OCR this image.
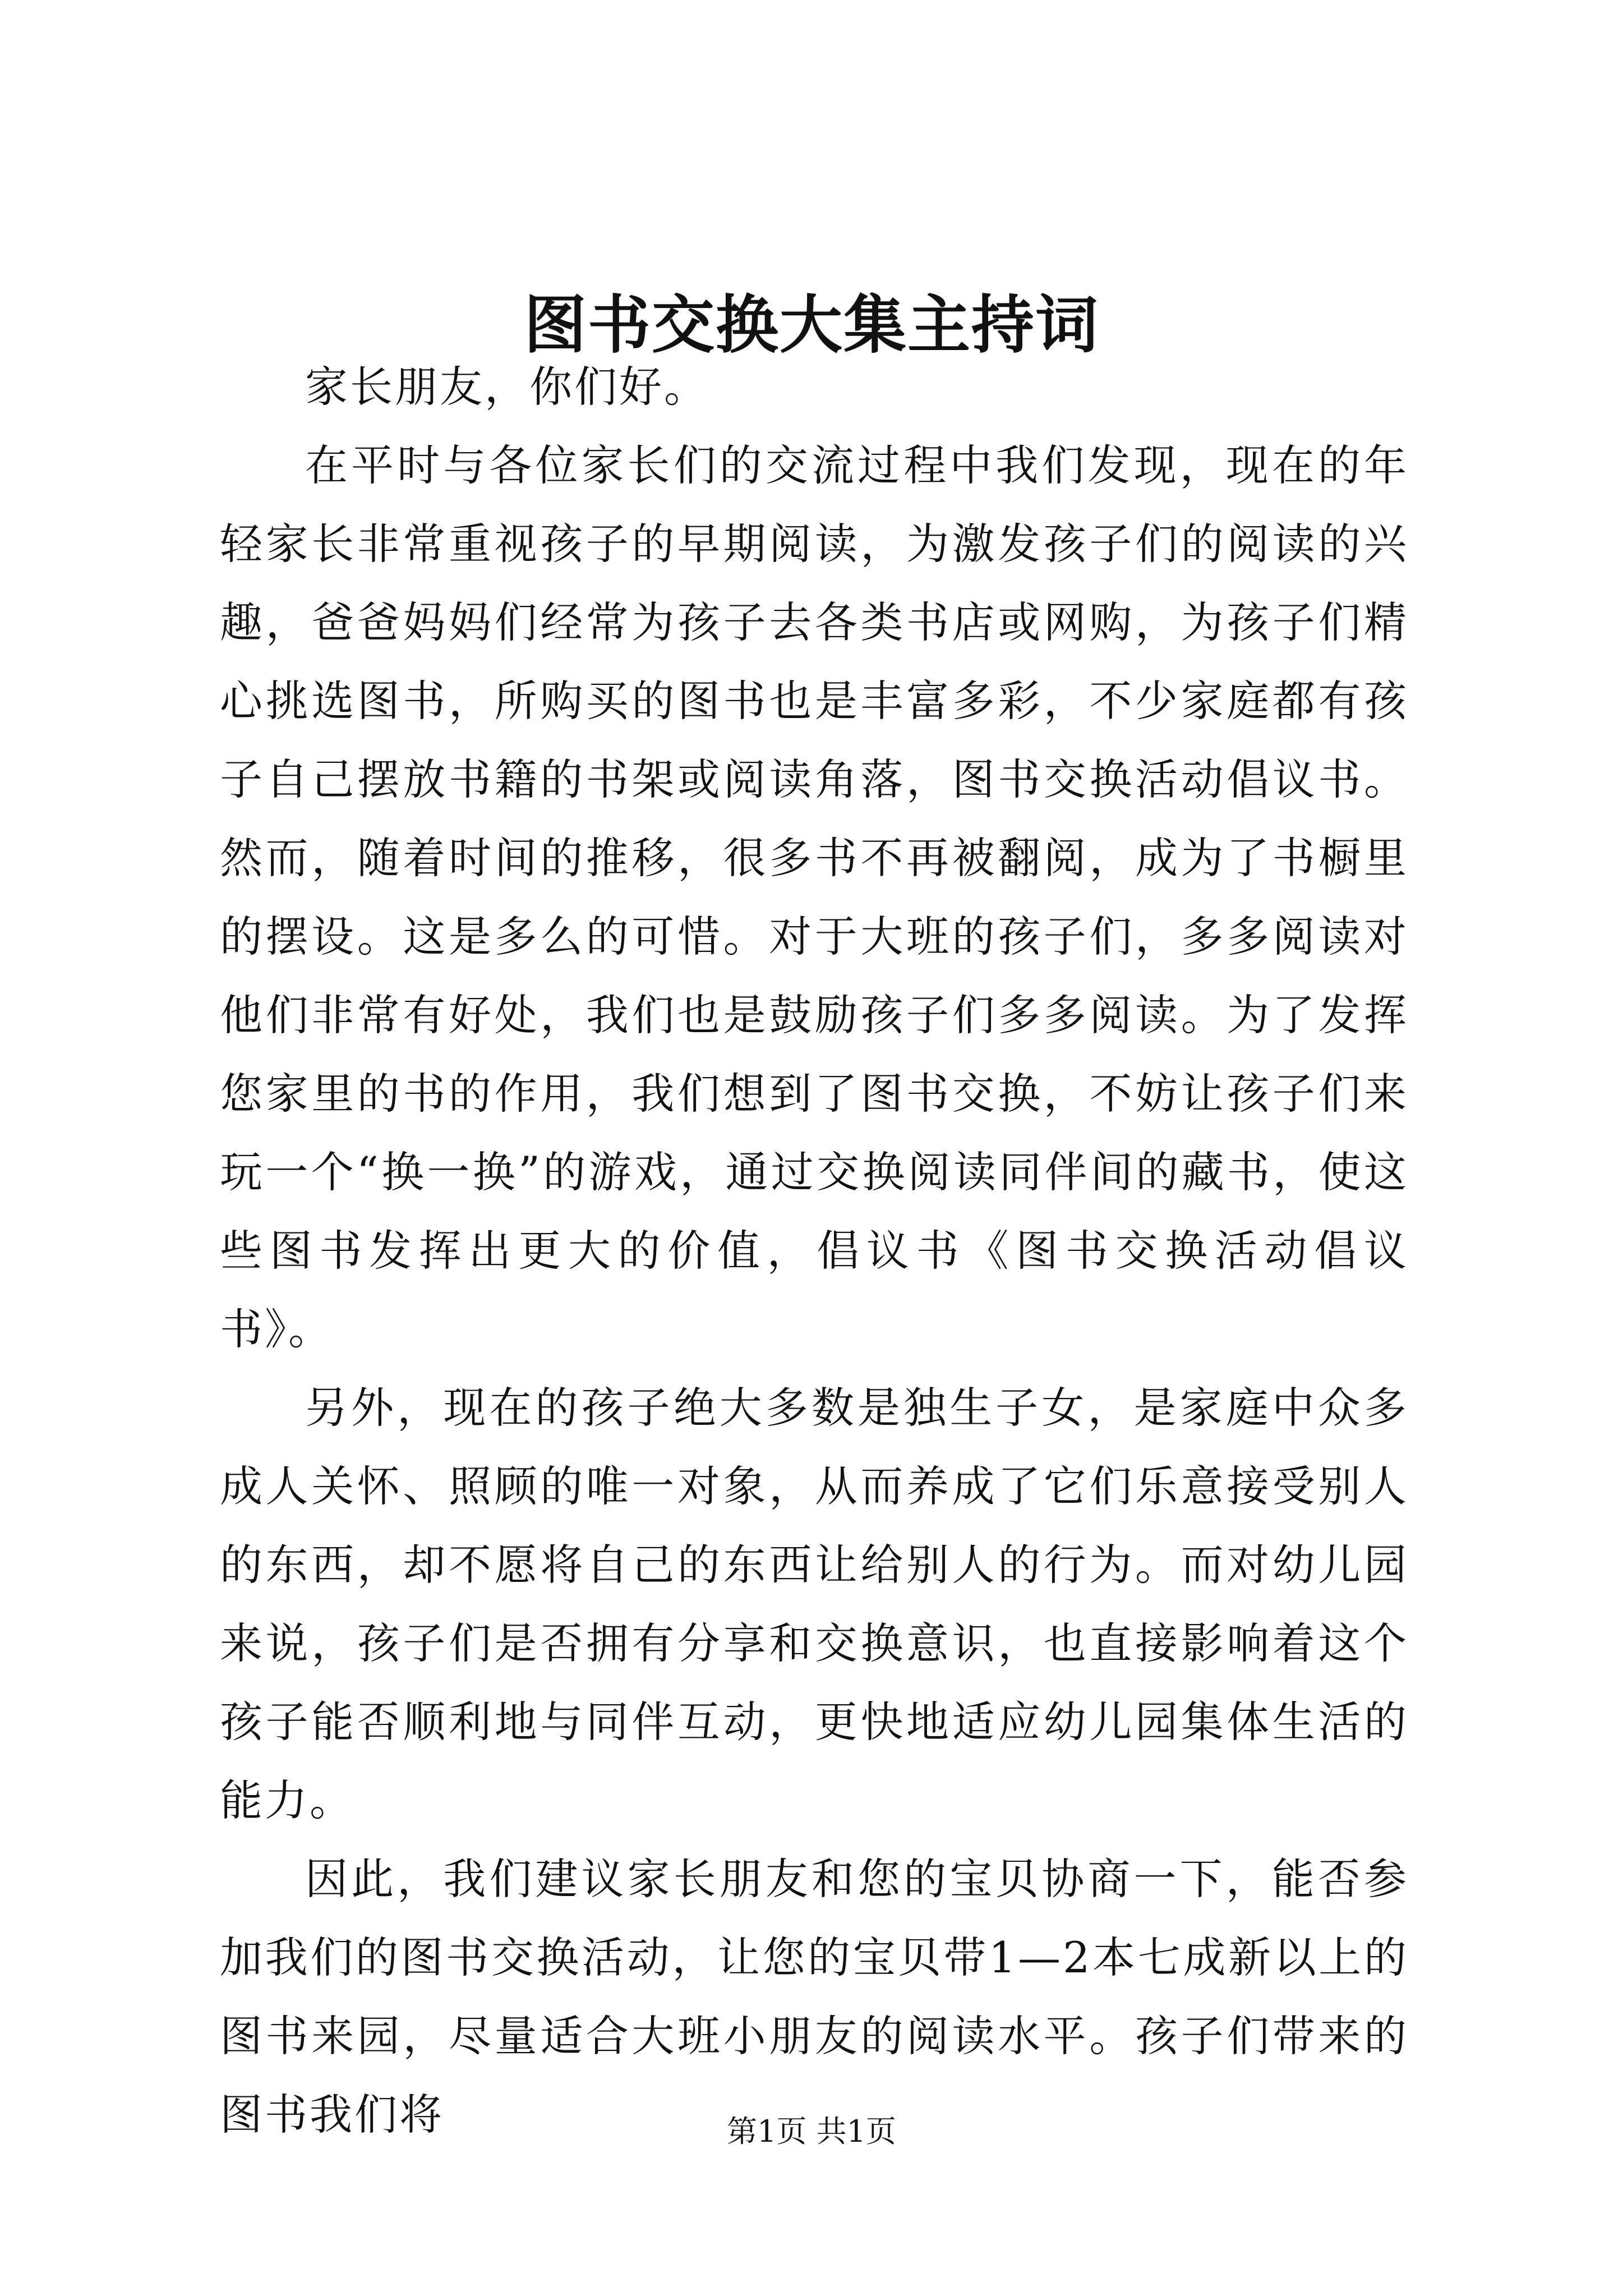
图书交换大集主持词

家长朋友，你们好。

在平时与各位家长们的交流过程中我们发现，现在的年轻家长非常重视孩子的早期阅读，为激发孩子们的阅读的兴趣，爸爸妈妈们经常为孩子去各类书店或网购，为孩子们精心挑选图书，所购买的图书也是丰富多彩，不少家庭都有孩子自己摆放书籍的书架或阅读角落，图书交换活动倡议书。然而，随着时间的推移，很多书不再被翻阅，成为了书橱里的摆设。这是多么的可惜。对于大班的孩子们，多多阅读对他们非常有好处，我们也是鼓励孩子们多多阅读。为了发挥您家里的书的作用，我们想到了图书交换，不妨让孩子们来玩一个“换一换”的游戏，通过交换阅读同伴间的藏书，使这些图书发挥出更大的价值，倡议书《图书交换活动倡议书》。

另外，现在的孩子绝大多数是独生子女，是家庭中众多成人关怀、照顾的唯一对象，从而养成了它们乐意接受别人的东西，却不愿将自己的东西让给别人的行为。而对幼儿园来说，孩子们是否拥有分享和交换意识，也直接影响着这个孩子能否顺利地与同伴互动，更快地适应幼儿园集体生活的能力。

因此，我们建议家长朋友和您的宝贝协商一下，能否参加我们的图书交换活动，让您的宝贝带1—2本七成新以上的图书来园，尽量适合大班小朋友的阅读水平。孩子们带来的图书我们将	第1页 共1页
